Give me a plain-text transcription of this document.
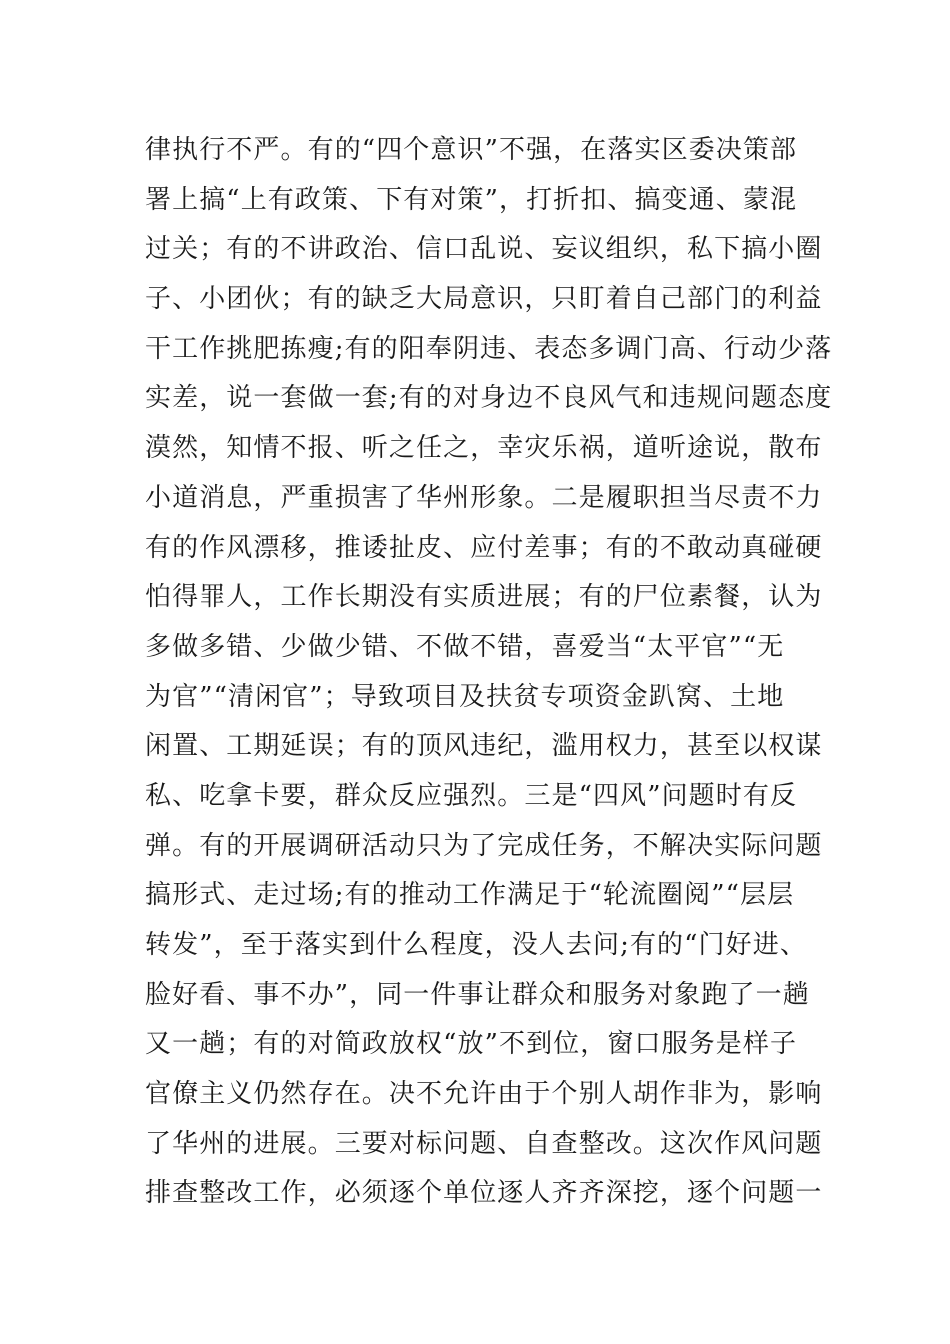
律执行不严。有的“四个意识”不强，在落实区委决策部
署上搞“上有政策、下有对策”，打折扣、搞变通、蒙混
过关；有的不讲政治、信口乱说、妄议组织，私下搞小圈
子、小团伙；有的缺乏大局意识，只盯着自己部门的利益
干工作挑肥拣瘦;有的阳奉阴违、表态多调门高、行动少落
实差，说一套做一套;有的对身边不良风气和违规问题态度
漠然，知情不报、听之任之，幸灾乐祸，道听途说，散布
小道消息，严重损害了华州形象。二是履职担当尽责不力
有的作风漂移，推诿扯皮、应付差事；有的不敢动真碰硬
怕得罪人，工作长期没有实质进展；有的尸位素餐，认为
多做多错、少做少错、不做不错，喜爱当“太平官”“无
为官”“清闲官”；导致项目及扶贫专项资金趴窝、土地
闲置、工期延误；有的顶风违纪，滥用权力，甚至以权谋
私、吃拿卡要，群众反应强烈。三是“四风”问题时有反
弹。有的开展调研活动只为了完成任务，不解决实际问题
搞形式、走过场;有的推动工作满足于“轮流圈阅”“层层
转发”，至于落实到什么程度，没人去问;有的“门好进、
脸好看、事不办”，同一件事让群众和服务对象跑了一趟
又一趟；有的对简政放权“放”不到位，窗口服务是样子
官僚主义仍然存在。决不允许由于个别人胡作非为，影响
了华州的进展。三要对标问题、自查整改。这次作风问题
排查整改工作，必须逐个单位逐人齐齐深挖，逐个问题一
